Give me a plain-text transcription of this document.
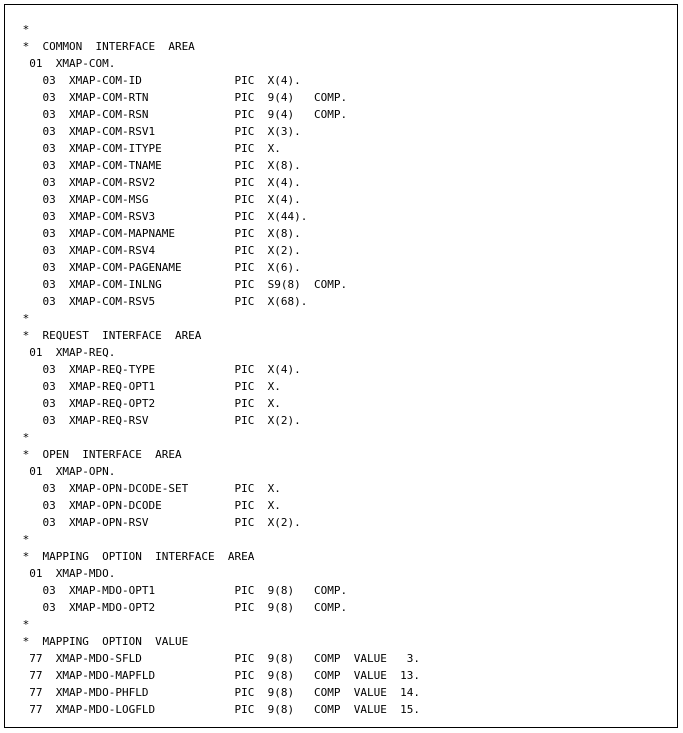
*
*  COMMON  INTERFACE  AREA
01  XMAP-COM.
03  XMAP-COM-ID              PIC  X(4).
03  XMAP-COM-RTN             PIC  9(4)   COMP.
03  XMAP-COM-RSN             PIC  9(4)   COMP.
03  XMAP-COM-RSV1            PIC  X(3).
03  XMAP-COM-ITYPE           PIC  X.
03  XMAP-COM-TNAME           PIC  X(8).
03  XMAP-COM-RSV2            PIC  X(4).
03  XMAP-COM-MSG             PIC  X(4).
03  XMAP-COM-RSV3            PIC  X(44).
03  XMAP-COM-MAPNAME         PIC  X(8).
03  XMAP-COM-RSV4            PIC  X(2).
03  XMAP-COM-PAGENAME        PIC  X(6).
03  XMAP-COM-INLNG           PIC  S9(8)  COMP.
03  XMAP-COM-RSV5            PIC  X(68).
*
*  REQUEST  INTERFACE  AREA
01  XMAP-REQ.
03  XMAP-REQ-TYPE            PIC  X(4).
03  XMAP-REQ-OPT1            PIC  X.
03  XMAP-REQ-OPT2            PIC  X.
03  XMAP-REQ-RSV             PIC  X(2).
*
*  OPEN  INTERFACE  AREA
01  XMAP-OPN.
03  XMAP-OPN-DCODE-SET       PIC  X.
03  XMAP-OPN-DCODE           PIC  X.
03  XMAP-OPN-RSV             PIC  X(2).
*
*  MAPPING  OPTION  INTERFACE  AREA
01  XMAP-MDO.
03  XMAP-MDO-OPT1            PIC  9(8)   COMP.
03  XMAP-MDO-OPT2            PIC  9(8)   COMP.
*
*  MAPPING  OPTION  VALUE
77  XMAP-MDO-SFLD              PIC  9(8)   COMP  VALUE   3.
77  XMAP-MDO-MAPFLD            PIC  9(8)   COMP  VALUE  13.
77  XMAP-MDO-PHFLD             PIC  9(8)   COMP  VALUE  14.
77  XMAP-MDO-LOGFLD            PIC  9(8)   COMP  VALUE  15.
